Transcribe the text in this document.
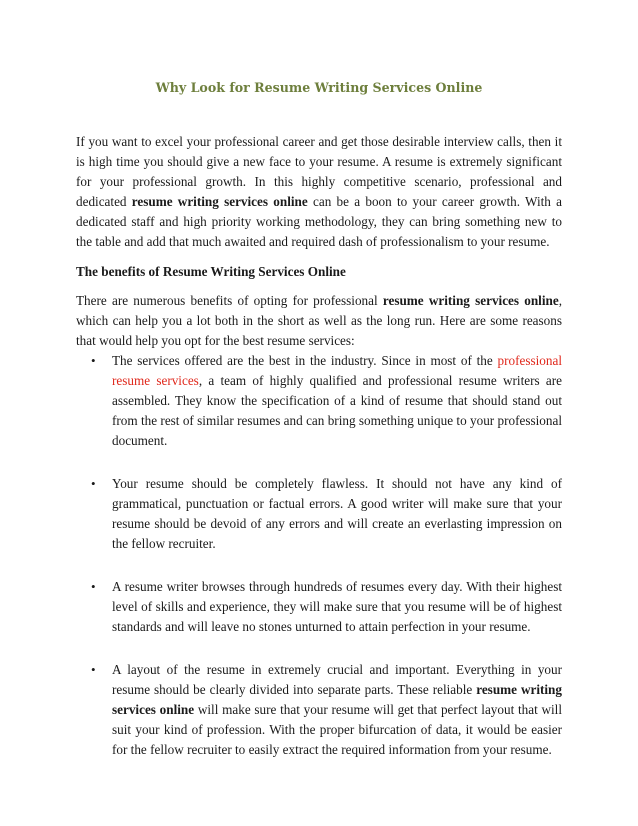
Why Look for Resume Writing Services Online

If you want to excel your professional career and get those desirable interview calls, then it is high time you should give a new face to your resume. A resume is extremely significant for your professional growth. In this highly competitive scenario, professional and dedicated resume writing services online can be a boon to your career growth. With a dedicated staff and high priority working methodology, they can bring something new to the table and add that much awaited and required dash of professionalism to your resume.

The benefits of Resume Writing Services Online

There are numerous benefits of opting for professional resume writing services online, which can help you a lot both in the short as well as the long run. Here are some reasons that would help you opt for the best resume services:

• The services offered are the best in the industry. Since in most of the professional resume services, a team of highly qualified and professional resume writers are assembled. They know the specification of a kind of resume that should stand out from the rest of similar resumes and can bring something unique to your professional document.
• Your resume should be completely flawless. It should not have any kind of grammatical, punctuation or factual errors. A good writer will make sure that your resume should be devoid of any errors and will create an everlasting impression on the fellow recruiter.
• A resume writer browses through hundreds of resumes every day. With their highest level of skills and experience, they will make sure that you resume will be of highest standards and will leave no stones unturned to attain perfection in your resume.
• A layout of the resume in extremely crucial and important. Everything in your resume should be clearly divided into separate parts. These reliable resume writing services online will make sure that your resume will get that perfect layout that will suit your kind of profession. With the proper bifurcation of data, it would be easier for the fellow recruiter to easily extract the required information from your resume.
